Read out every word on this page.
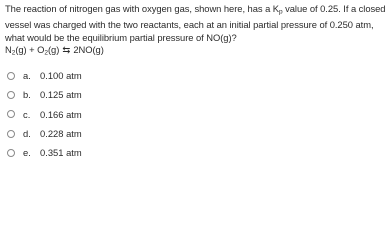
The reaction of nitrogen gas with oxygen gas, shown here, has a $K_p$ value of 0.25. If a closed
vessel was charged with the two reactants, each at an initial partial pressure of 0.250 atm,
what would be the equilibrium partial pressure of NO(g)?
$N_2(g) + O_2(g)$ ⇆ 2NO(g)
a. 0.100 atm
b. 0.125 atm
c.	0.166 atm
d. 0.228 atm
e. 0.351 atm
